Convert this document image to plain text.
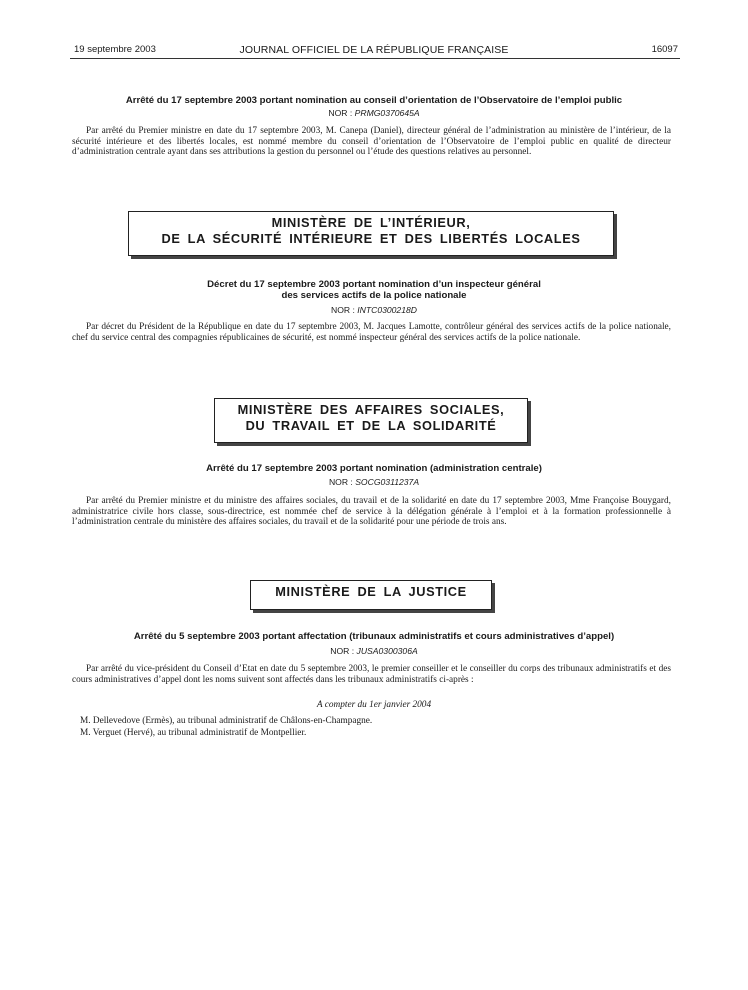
19 septembre 2003	JOURNAL OFFICIEL DE LA RÉPUBLIQUE FRANÇAISE	16097
Arrêté du 17 septembre 2003 portant nomination au conseil d’orientation de l’Observatoire de l’emploi public
NOR : PRMG0370645A

Par arrêté du Premier ministre en date du 17 septembre 2003, M. Canepa (Daniel), directeur général de l’administration au ministère de l’intérieur, de la sécurité intérieure et des libertés locales, est nommé membre du conseil d’orientation de l’Observatoire de l’emploi public en qualité de directeur d’administration centrale ayant dans ses attributions la gestion du personnel ou l’étude des questions relatives au personnel.

MINISTÈRE DE L’INTÉRIEUR,
DE LA SÉCURITÉ INTÉRIEURE ET DES LIBERTÉS LOCALES
Décret du 17 septembre 2003 portant nomination d’un inspecteur général
des services actifs de la police nationale
NOR : INTC0300218D

Par décret du Président de la République en date du 17 septembre 2003, M. Jacques Lamotte, contrôleur général des services actifs de la police nationale, chef du service central des compagnies républicaines de sécurité, est nommé inspecteur général des services actifs de la police nationale.

MINISTÈRE DES AFFAIRES SOCIALES,
DU TRAVAIL ET DE LA SOLIDARITÉ
Arrêté du 17 septembre 2003 portant nomination (administration centrale)
NOR : SOCG0311237A

Par arrêté du Premier ministre et du ministre des affaires sociales, du travail et de la solidarité en date du 17 septembre 2003, Mme Françoise Bouygard, administratrice civile hors classe, sous-directrice, est nommée chef de service à la délégation générale à l’emploi et à la formation professionnelle à l’administration centrale du ministère des affaires sociales, du travail et de la solidarité pour une période de trois ans.

MINISTÈRE DE LA JUSTICE
Arrêté du 5 septembre 2003 portant affectation (tribunaux administratifs et cours administratives d’appel)
NOR : JUSA0300306A

Par arrêté du vice-président du Conseil d’Etat en date du 5 septembre 2003, le premier conseiller et le conseiller du corps des tribunaux administratifs et des cours administratives d’appel dont les noms suivent sont affectés dans les tribunaux administratifs ci-après :

A compter du 1er janvier 2004
M. Dellevedove (Ermès), au tribunal administratif de Châlons-en-Champagne.
M. Verguet (Hervé), au tribunal administratif de Montpellier.
